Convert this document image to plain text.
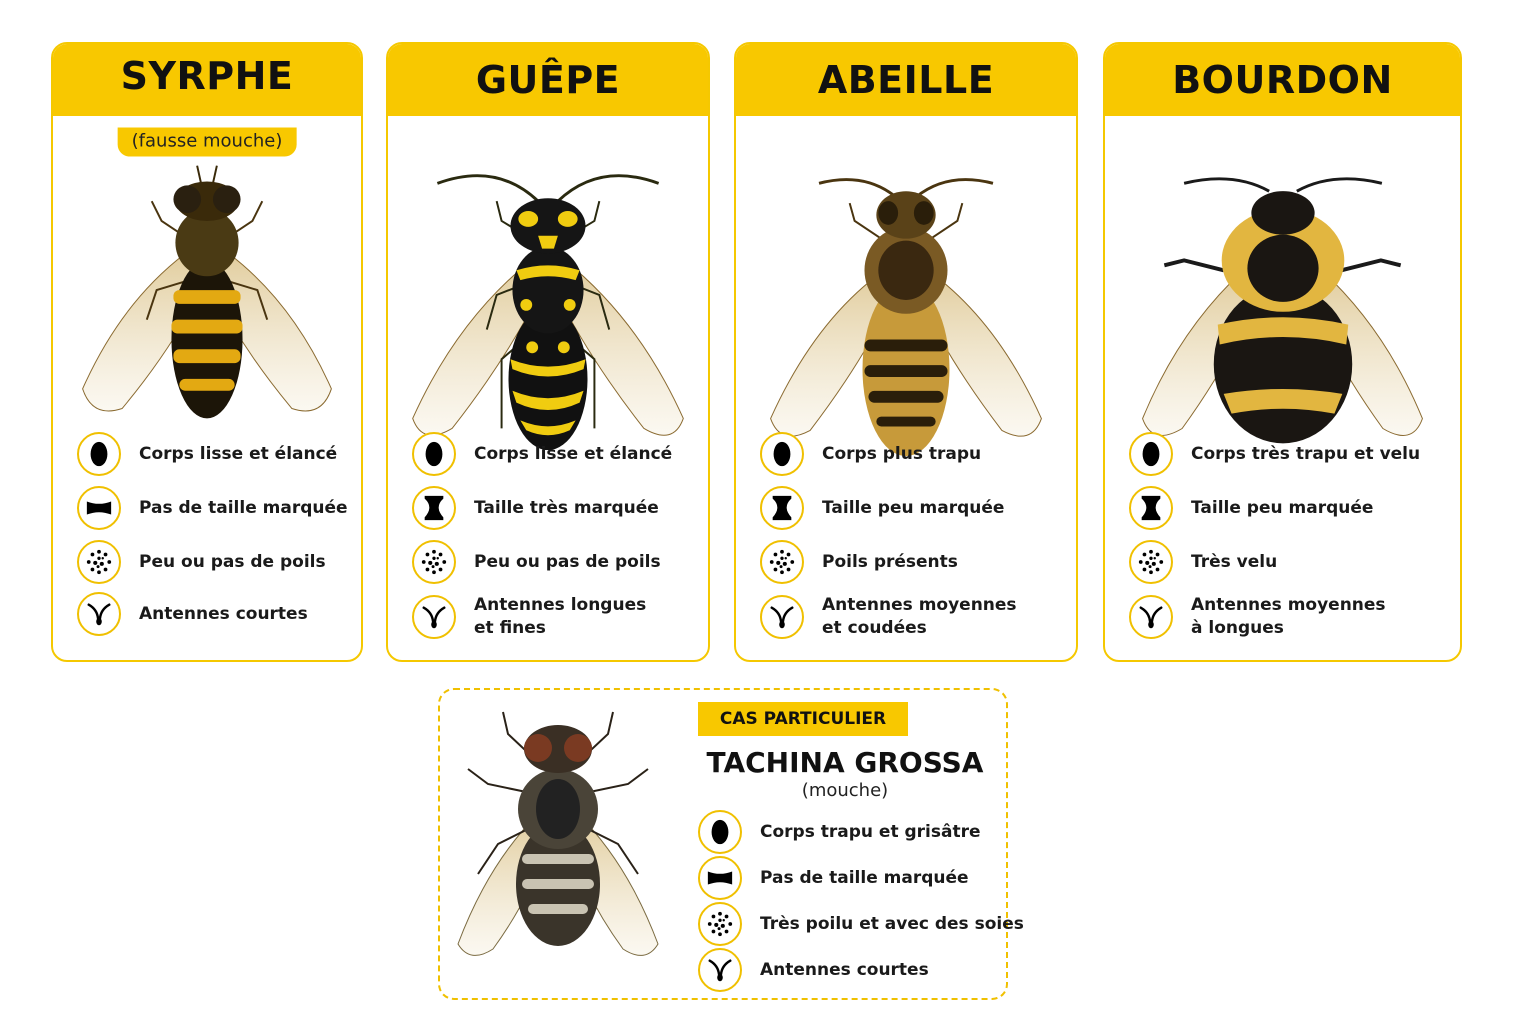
SYRPHE
(fausse mouche)
Corps lisse et élancé
Pas de taille marquée
Peu ou pas de poils
Antennes courtes
GUÊPE
Corps lisse et élancé
Taille très marquée
Peu ou pas de poils
Antennes longues
et fines
ABEILLE
Corps plus trapu
Taille peu marquée
Poils présents
Antennes moyennes
et coudées
BOURDON
Corps très trapu et velu
Taille peu marquée
Très velu
Antennes moyennes
à longues
CAS PARTICULIER
TACHINA GROSSA
(mouche)
Corps trapu et grisâtre
Pas de taille marquée
Très poilu et avec des soies
Antennes courtes
